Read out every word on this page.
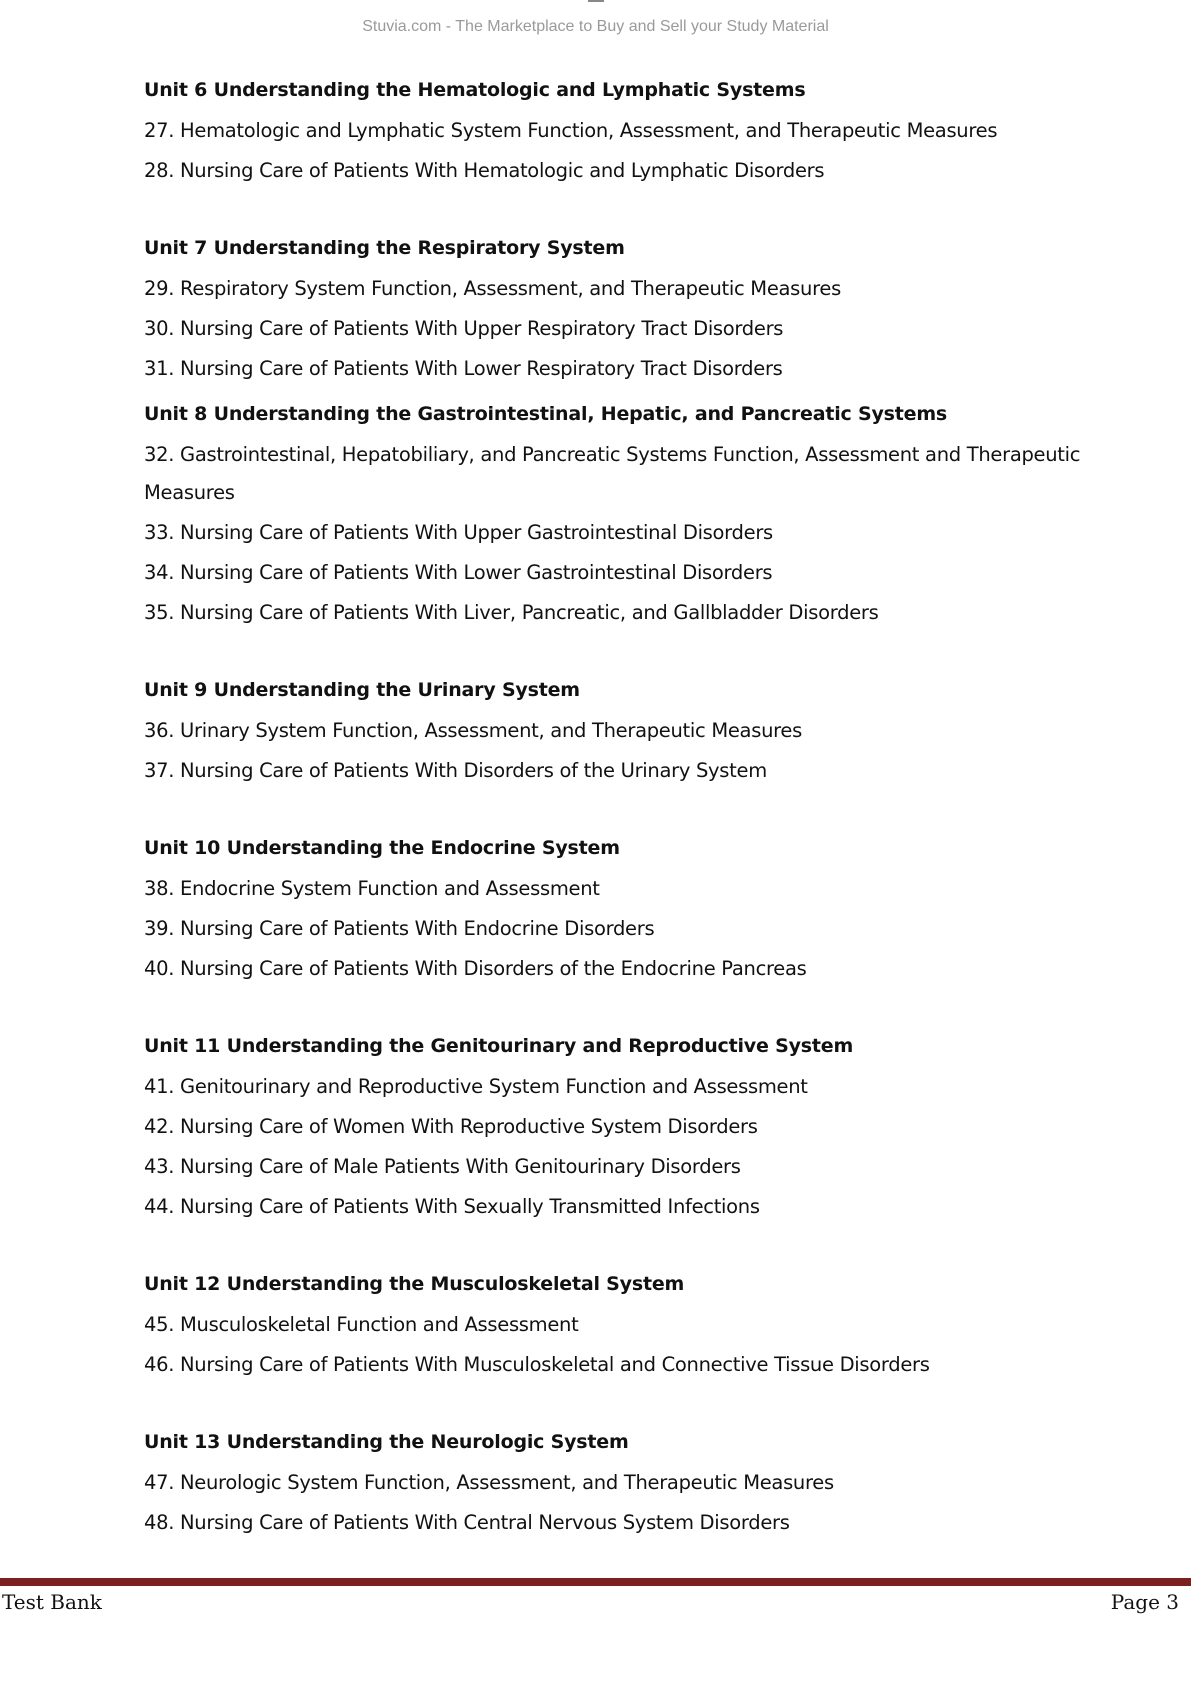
Stuvia.com - The Marketplace to Buy and Sell your Study Material
Unit 6 Understanding the Hematologic and Lymphatic Systems
27. Hematologic and Lymphatic System Function, Assessment, and Therapeutic Measures
28. Nursing Care of Patients With Hematologic and Lymphatic Disorders
Unit 7 Understanding the Respiratory System
29. Respiratory System Function, Assessment, and Therapeutic Measures
30. Nursing Care of Patients With Upper Respiratory Tract Disorders
31. Nursing Care of Patients With Lower Respiratory Tract Disorders
Unit 8 Understanding the Gastrointestinal, Hepatic, and Pancreatic Systems
32. Gastrointestinal, Hepatobiliary, and Pancreatic Systems Function, Assessment and Therapeutic Measures
33. Nursing Care of Patients With Upper Gastrointestinal Disorders
34. Nursing Care of Patients With Lower Gastrointestinal Disorders
35. Nursing Care of Patients With Liver, Pancreatic, and Gallbladder Disorders
Unit 9 Understanding the Urinary System
36. Urinary System Function, Assessment, and Therapeutic Measures
37. Nursing Care of Patients With Disorders of the Urinary System
Unit 10 Understanding the Endocrine System
38. Endocrine System Function and Assessment
39. Nursing Care of Patients With Endocrine Disorders
40. Nursing Care of Patients With Disorders of the Endocrine Pancreas
Unit 11 Understanding the Genitourinary and Reproductive System
41. Genitourinary and Reproductive System Function and Assessment
42. Nursing Care of Women With Reproductive System Disorders
43. Nursing Care of Male Patients With Genitourinary Disorders
44. Nursing Care of Patients With Sexually Transmitted Infections
Unit 12 Understanding the Musculoskeletal System
45. Musculoskeletal Function and Assessment
46. Nursing Care of Patients With Musculoskeletal and Connective Tissue Disorders
Unit 13 Understanding the Neurologic System
47. Neurologic System Function, Assessment, and Therapeutic Measures
48. Nursing Care of Patients With Central Nervous System Disorders
Test Bank	Page 3
